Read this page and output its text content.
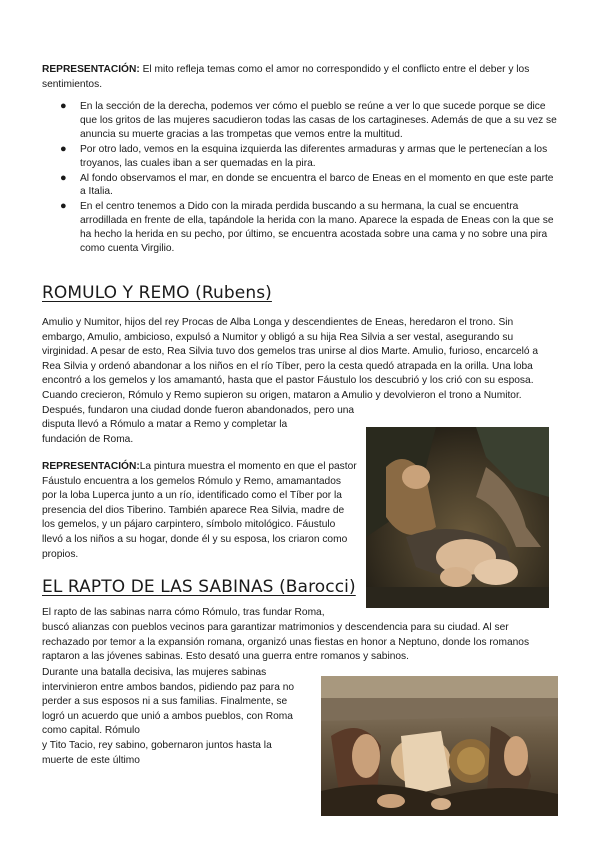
REPRESENTACIÓN: El mito refleja temas como el amor no correspondido y el conflicto entre el deber y los sentimientos.

● En la sección de la derecha, podemos ver cómo el pueblo se reúne a ver lo que sucede porque se dice que los gritos de las mujeres sacudieron todas las casas de los cartagineses. Además de que a su vez se anuncia su muerte gracias a las trompetas que vemos entre la multitud.
● Por otro lado, vemos en la esquina izquierda las diferentes armaduras y armas que le pertenecían a los troyanos, las cuales iban a ser quemadas en la pira.
● Al fondo observamos el mar, en donde se encuentra el barco de Eneas en el momento en que este parte a Italia.
● En el centro tenemos a Dido con la mirada perdida buscando a su hermana, la cual se encuentra arrodillada en frente de ella, tapándole la herida con la mano. Aparece la espada de Eneas con la que se ha hecho la herida en su pecho, por último, se encuentra acostada sobre una cama y no sobre una pira como cuenta Virgilio.
ROMULO Y REMO (Rubens)

Amulio y Numitor, hijos del rey Procas de Alba Longa y descendientes de Eneas, heredaron el trono. Sin embargo, Amulio, ambicioso, expulsó a Numitor y obligó a su hija Rea Silvia a ser vestal, asegurando su virginidad. A pesar de esto, Rea Silvia tuvo dos gemelos tras unirse al dios Marte. Amulio, furioso, encarceló a Rea Silvia y ordenó abandonar a los niños en el río Tíber, pero la cesta quedó atrapada en la orilla. Una loba encontró a los gemelos y los amamantó, hasta que el pastor Fáustulo los descubrió y los crió con su esposa. Cuando crecieron, Rómulo y Remo supieron su origen, mataron a Amulio y devolvieron el trono a Numitor. Después, fundaron una ciudad donde fueron abandonados, pero una

disputa llevó a Rómulo a matar a Remo y completar la fundación de Roma.

REPRESENTACIÓN:La pintura muestra el momento en que el pastor Fáustulo encuentra a los gemelos Rómulo y Remo, amamantados por la loba Luperca junto a un río, identificado como el Tíber por la presencia del dios Tiberino. También aparece Rea Silvia, madre de los gemelos, y un pájaro carpintero, símbolo mitológico. Fáustulo llevó a los niños a su hogar, donde él y su esposa, los criaron como propios.

EL RAPTO DE LAS SABINAS (Barocci)

El rapto de las sabinas narra cómo Rómulo, tras fundar Roma,

buscó alianzas con pueblos vecinos para garantizar matrimonios y descendencia para su ciudad. Al ser rechazado por temor a la expansión romana, organizó unas fiestas en honor a Neptuno, donde los romanos raptaron a las jóvenes sabinas. Esto desató una guerra entre romanos y sabinos.

Durante una batalla decisiva, las mujeres sabinas intervinieron entre ambos bandos, pidiendo paz para no perder a sus esposos ni a sus familias. Finalmente, se logró un acuerdo que unió a ambos pueblos, con Roma como capital. Rómulo

y Tito Tacio, rey sabino, gobernaron juntos hasta la muerte de este último
